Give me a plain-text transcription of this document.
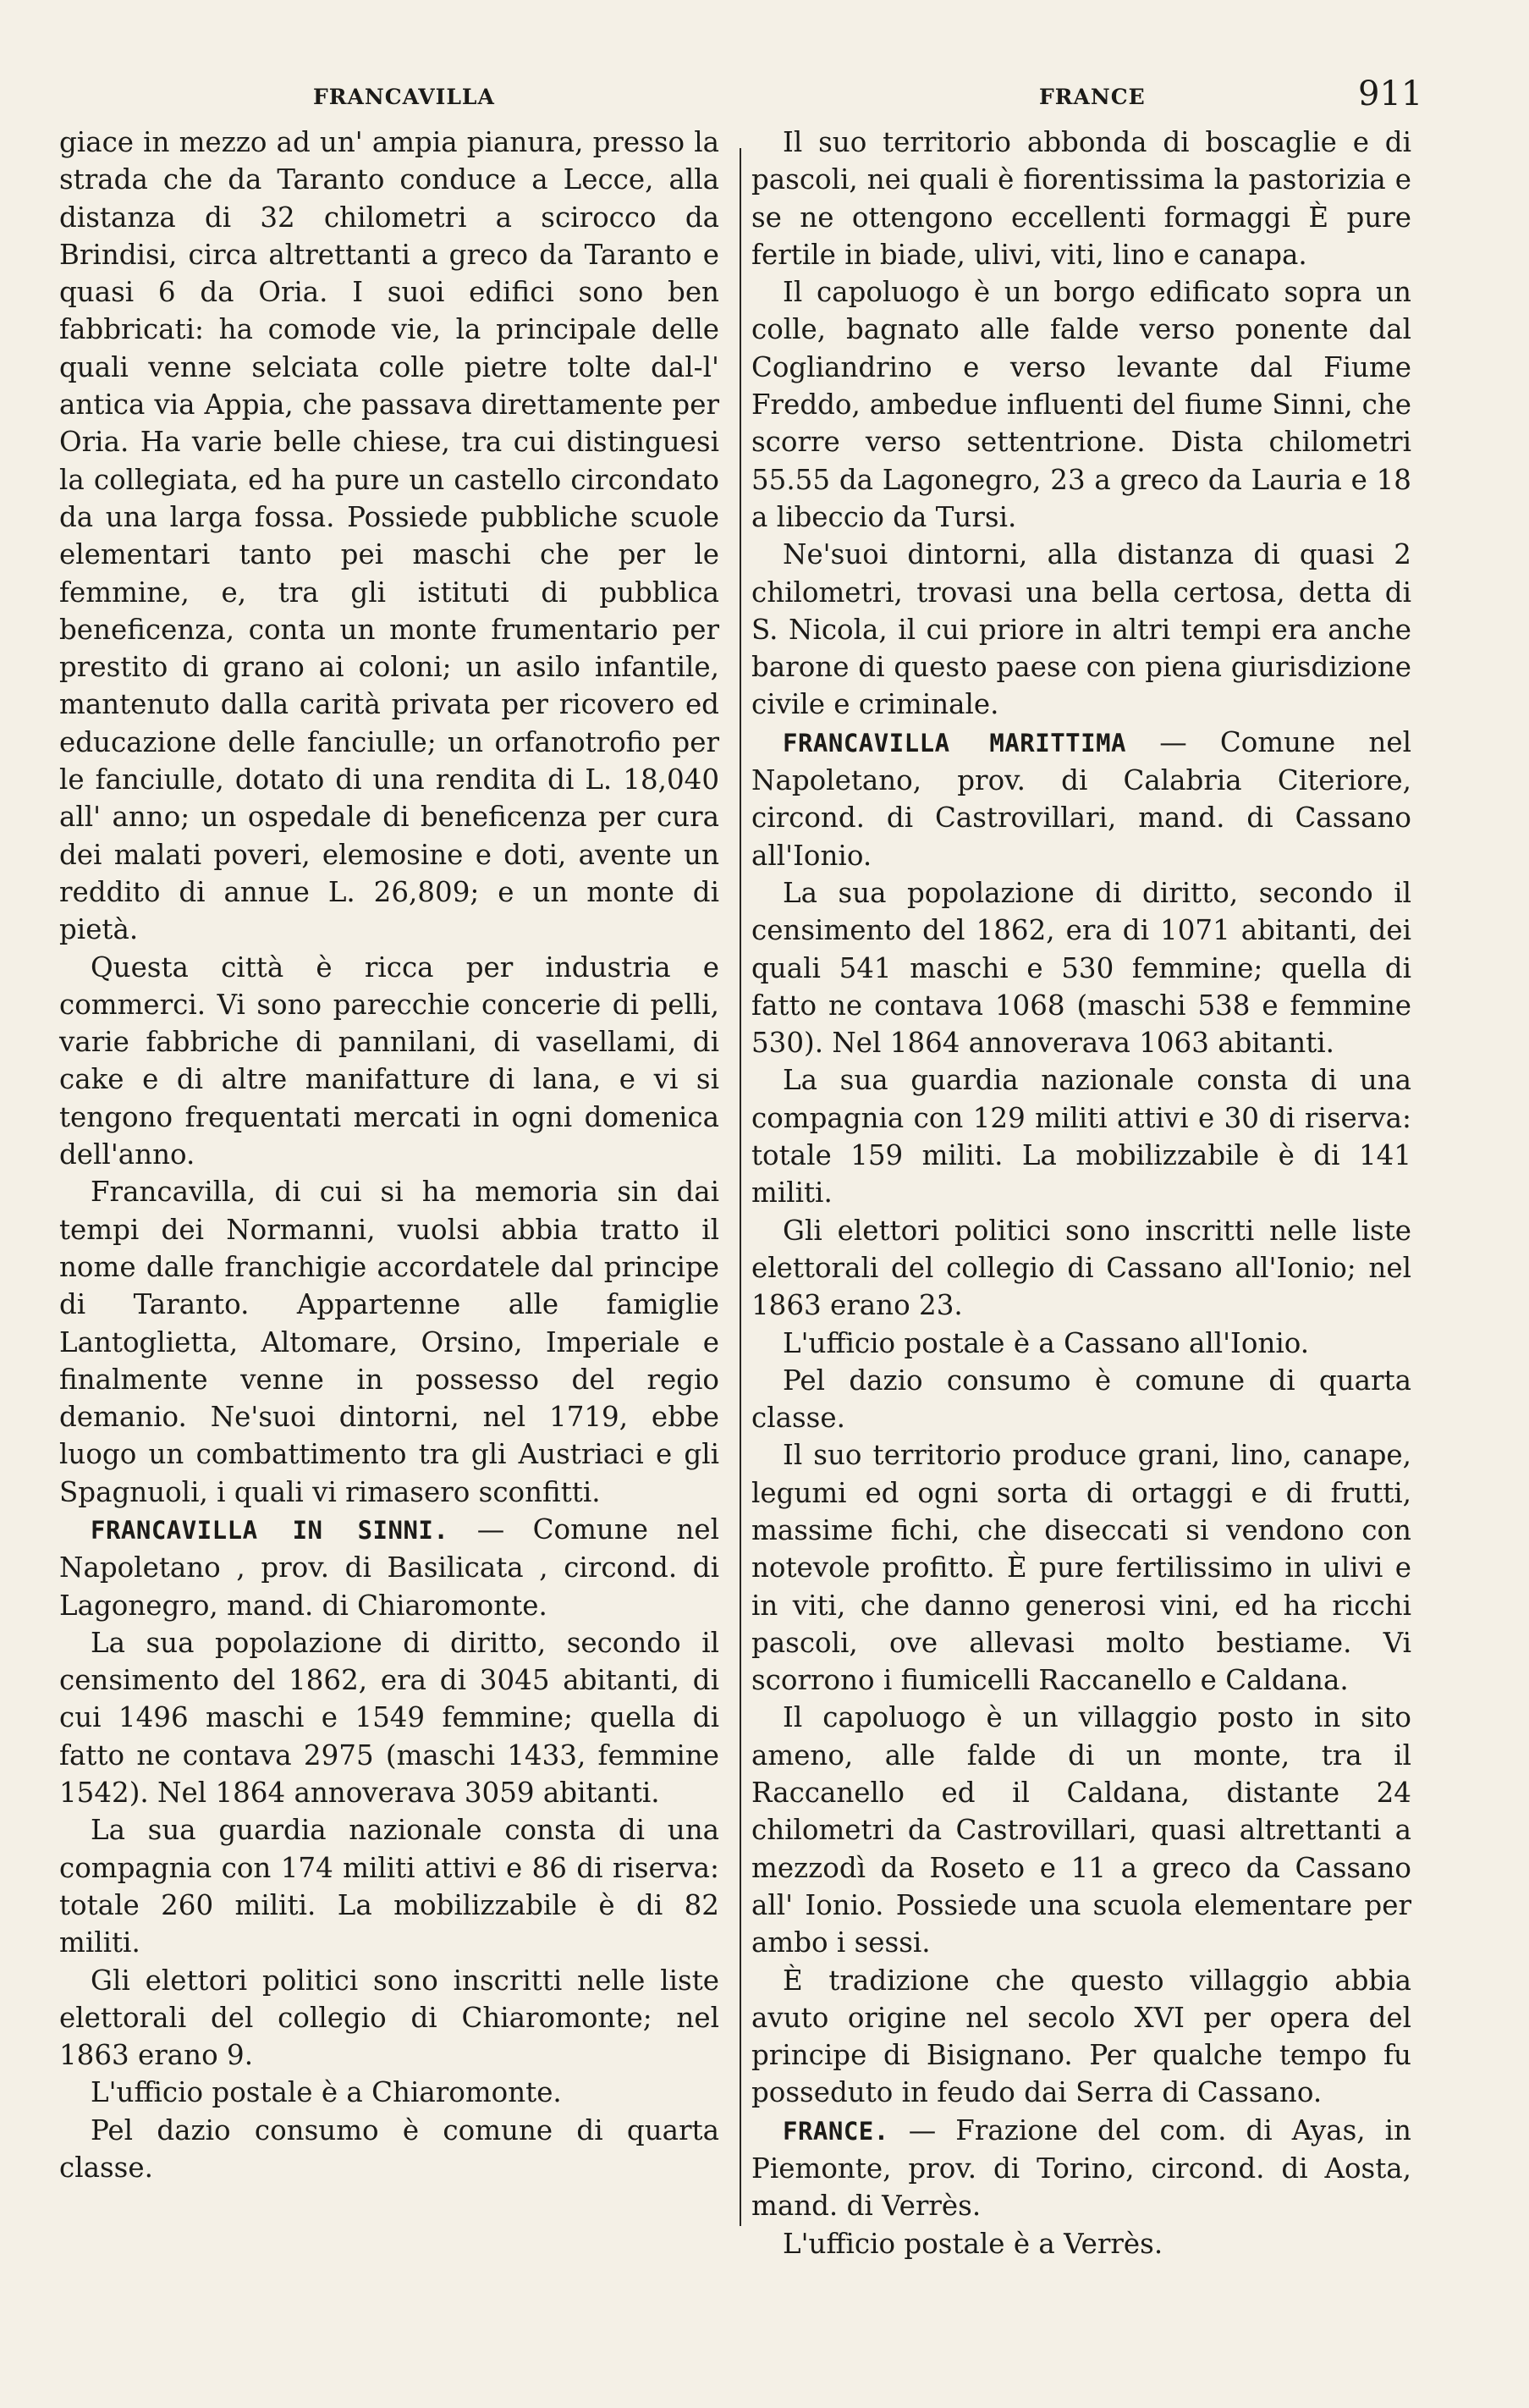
FRANCAVILLA	FRANCE	911

giace in mezzo ad un' ampia pianura, presso la strada che da Taranto conduce a Lecce, alla distanza di 32 chilometri a scirocco da Brindisi, circa altrettanti a greco da Taranto e quasi 6 da Oria. I suoi edifici sono ben fabbricati: ha comode vie, la principale delle quali venne selciata colle pietre tolte dal-l' antica via Appia, che passava direttamente per Oria. Ha varie belle chiese, tra cui distinguesi la collegiata, ed ha pure un castello circondato da una larga fossa. Possiede pubbliche scuole elementari tanto pei maschi che per le femmine, e, tra gli istituti di pubblica beneficenza, conta un monte frumentario per prestito di grano ai coloni; un asilo infantile, mantenuto dalla carità privata per ricovero ed educazione delle fanciulle; un orfanotrofio per le fanciulle, dotato di una rendita di L. 18,040 all' anno; un ospedale di beneficenza per cura dei malati poveri, elemosine e doti, avente un reddito di annue L. 26,809; e un monte di pietà.

Questa città è ricca per industria e commerci. Vi sono parecchie concerie di pelli, varie fabbriche di pannilani, di vasellami, di cake e di altre manifatture di lana, e vi si tengono frequentati mercati in ogni domenica dell'anno.

Francavilla, di cui si ha memoria sin dai tempi dei Normanni, vuolsi abbia tratto il nome dalle franchigie accordatele dal principe di Taranto. Appartenne alle famiglie Lantoglietta, Altomare, Orsino, Imperiale e finalmente venne in possesso del regio demanio. Ne'suoi dintorni, nel 1719, ebbe luogo un combattimento tra gli Austriaci e gli Spagnuoli, i quali vi rimasero sconfitti.

FRANCAVILLA IN SINNI. — Comune nel Napoletano , prov. di Basilicata , circond. di Lagonegro, mand. di Chiaromonte.

La sua popolazione di diritto, secondo il censimento del 1862, era di 3045 abitanti, di cui 1496 maschi e 1549 femmine; quella di fatto ne contava 2975 (maschi 1433, femmine 1542). Nel 1864 annoverava 3059 abitanti.

La sua guardia nazionale consta di una compagnia con 174 militi attivi e 86 di riserva: totale 260 militi. La mobilizzabile è di 82 militi.

Gli elettori politici sono inscritti nelle liste elettorali del collegio di Chiaromonte; nel 1863 erano 9.

L'ufficio postale è a Chiaromonte.

Pel dazio consumo è comune di quarta classe.

Il suo territorio abbonda di boscaglie e di pascoli, nei quali è fiorentissima la pastorizia e se ne ottengono eccellenti formaggi È pure fertile in biade, ulivi, viti, lino e canapa.

Il capoluogo è un borgo edificato sopra un colle, bagnato alle falde verso ponente dal Cogliandrino e verso levante dal Fiume Freddo, ambedue influenti del fiume Sinni, che scorre verso settentrione. Dista chilometri 55.55 da Lagonegro, 23 a greco da Lauria e 18 a libeccio da Tursi.

Ne'suoi dintorni, alla distanza di quasi 2 chilometri, trovasi una bella certosa, detta di S. Nicola, il cui priore in altri tempi era anche barone di questo paese con piena giurisdizione civile e criminale.

FRANCAVILLA MARITTIMA — Comune nel Napoletano, prov. di Calabria Citeriore, circond. di Castrovillari, mand. di Cassano all'Ionio.

La sua popolazione di diritto, secondo il censimento del 1862, era di 1071 abitanti, dei quali 541 maschi e 530 femmine; quella di fatto ne contava 1068 (maschi 538 e femmine 530). Nel 1864 annoverava 1063 abitanti.

La sua guardia nazionale consta di una compagnia con 129 militi attivi e 30 di riserva: totale 159 militi. La mobilizzabile è di 141 militi.

Gli elettori politici sono inscritti nelle liste elettorali del collegio di Cassano all'Ionio; nel 1863 erano 23.

L'ufficio postale è a Cassano all'Ionio.

Pel dazio consumo è comune di quarta classe.

Il suo territorio produce grani, lino, canape, legumi ed ogni sorta di ortaggi e di frutti, massime fichi, che diseccati si vendono con notevole profitto. È pure fertilissimo in ulivi e in viti, che danno generosi vini, ed ha ricchi pascoli, ove allevasi molto bestiame. Vi scorrono i fiumicelli Raccanello e Caldana.

Il capoluogo è un villaggio posto in sito ameno, alle falde di un monte, tra il Raccanello ed il Caldana, distante 24 chilometri da Castrovillari, quasi altrettanti a mezzodì da Roseto e 11 a greco da Cassano all' Ionio. Possiede una scuola elementare per ambo i sessi.

È tradizione che questo villaggio abbia avuto origine nel secolo XVI per opera del principe di Bisignano. Per qualche tempo fu posseduto in feudo dai Serra di Cassano.

FRANCE. — Frazione del com. di Ayas, in Piemonte, prov. di Torino, circond. di Aosta, mand. di Verrès.

L'ufficio postale è a Verrès.
